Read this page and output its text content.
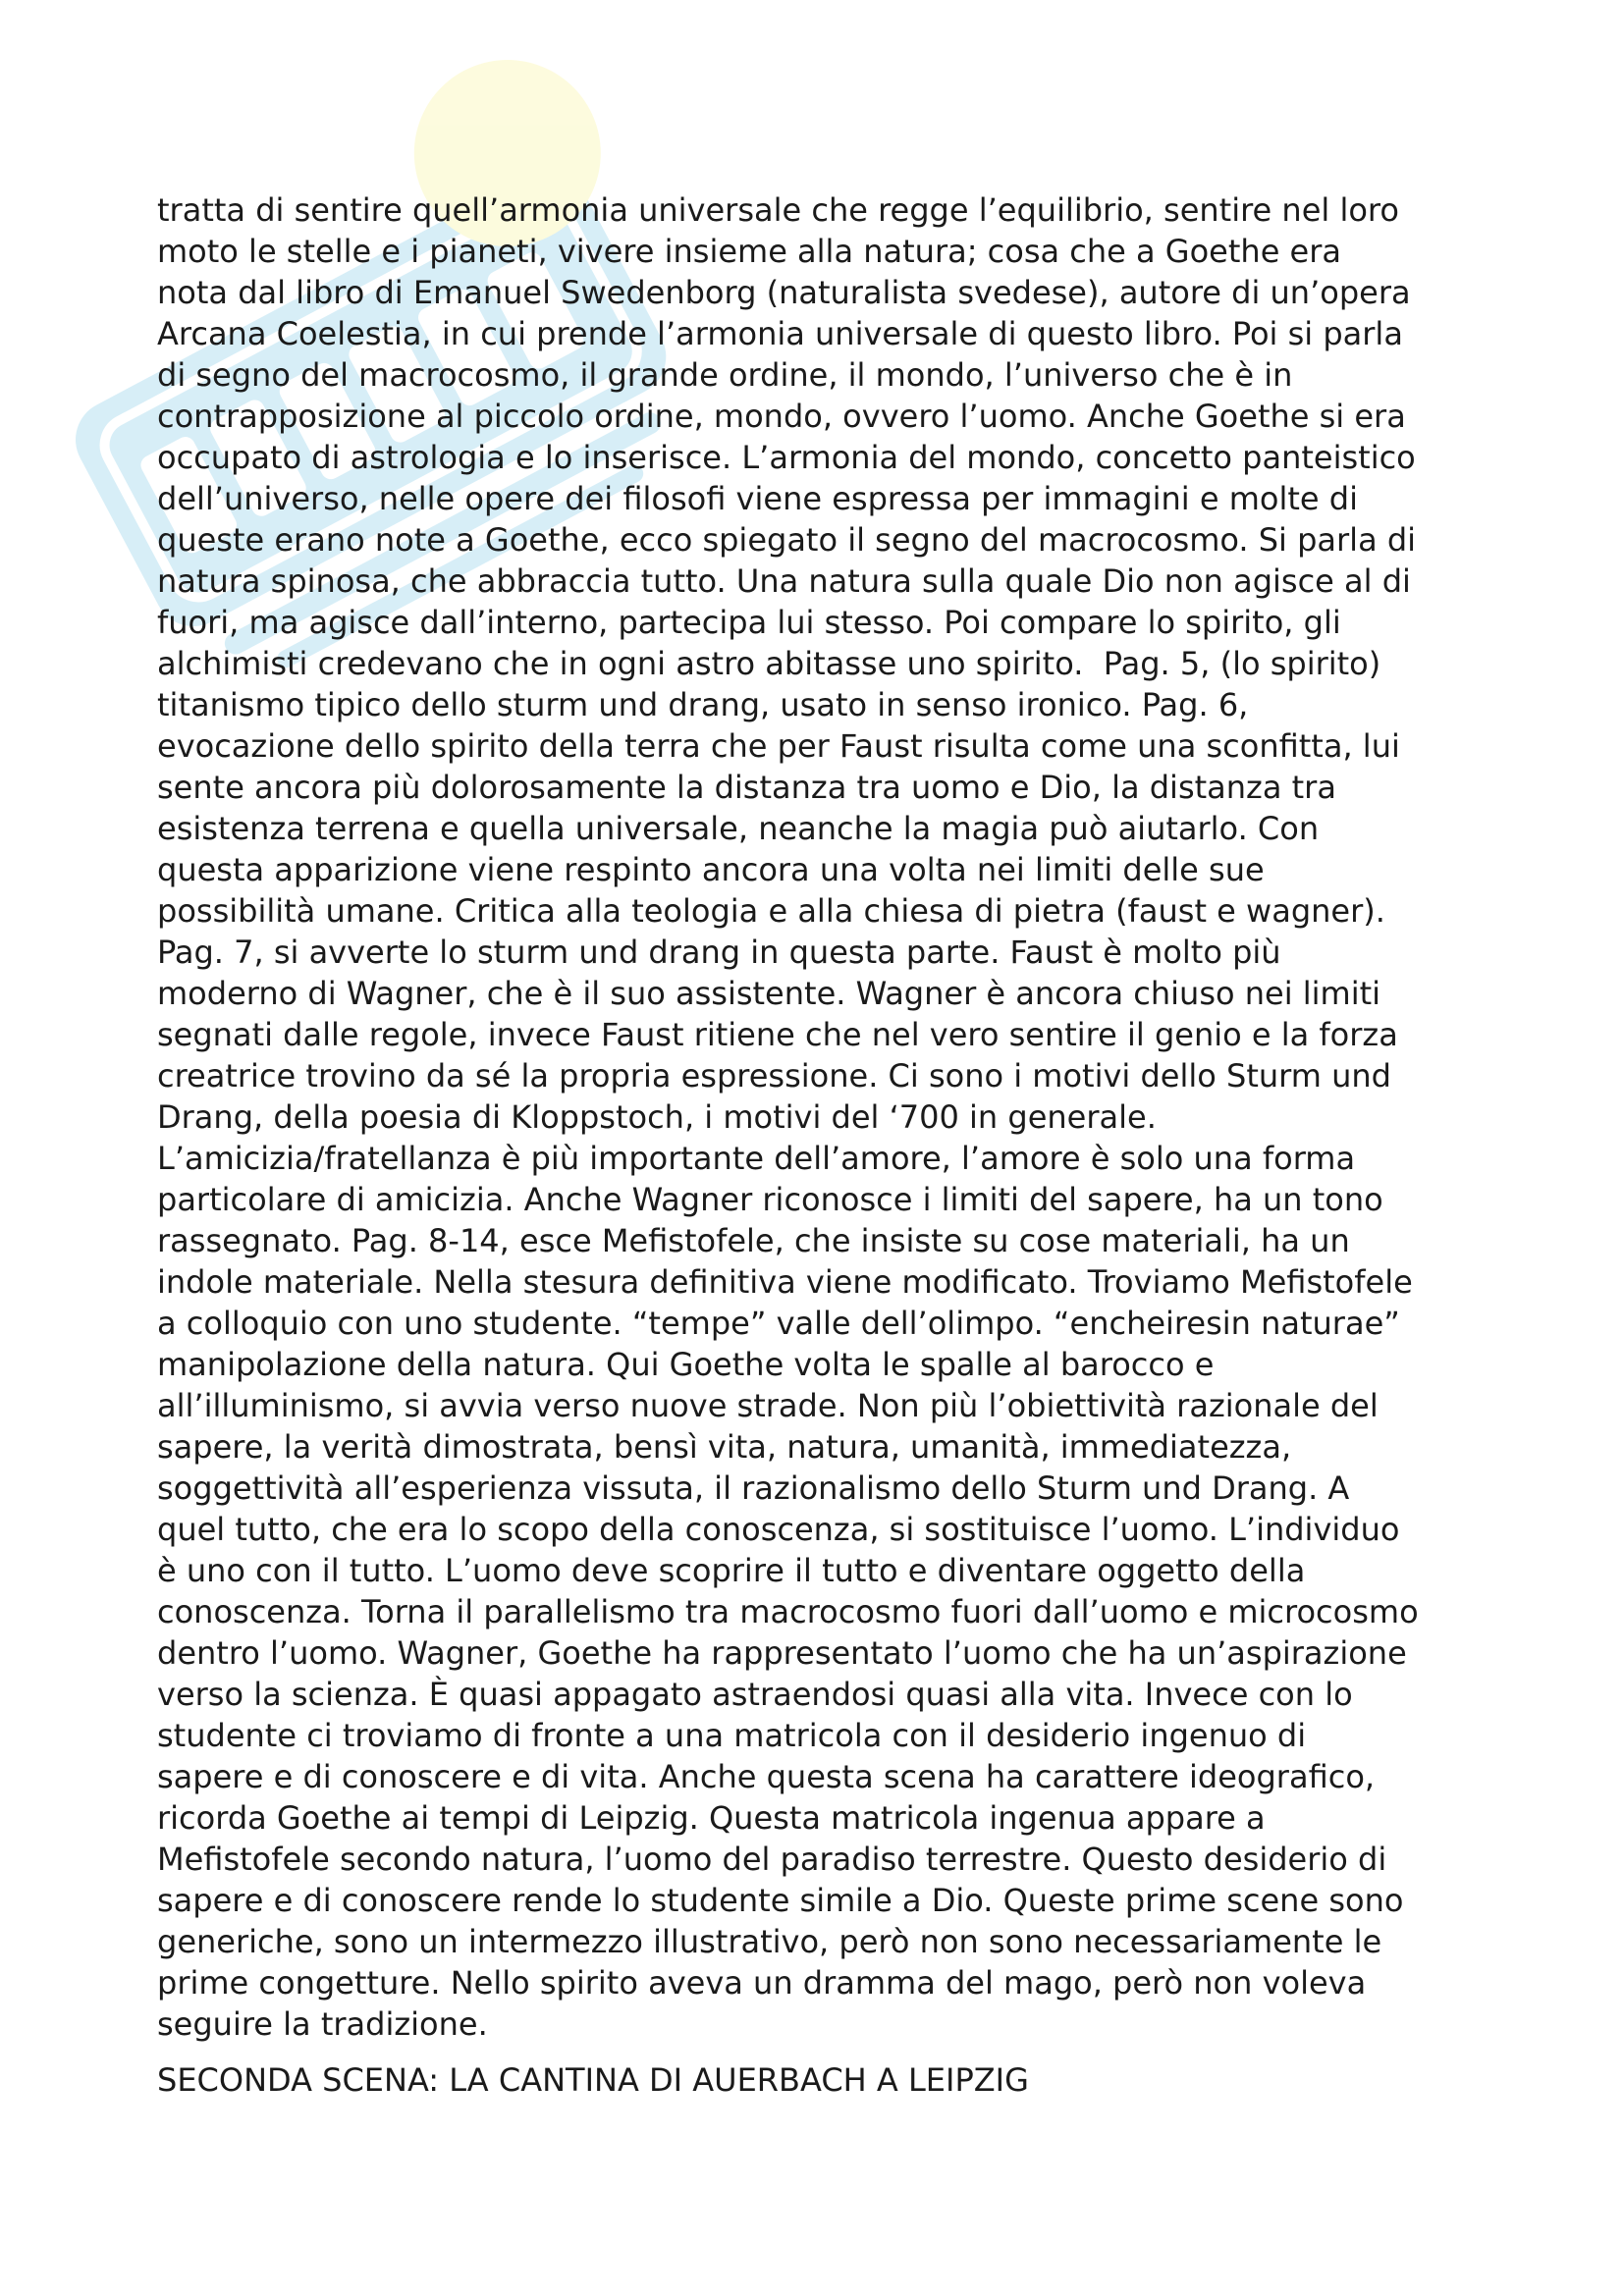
tratta di sentire quell’armonia universale che regge l’equilibrio, sentire nel loro
moto le stelle e i pianeti, vivere insieme alla natura; cosa che a Goethe era
nota dal libro di Emanuel Swedenborg (naturalista svedese), autore di un’opera
Arcana Coelestia, in cui prende l’armonia universale di questo libro. Poi si parla
di segno del macrocosmo, il grande ordine, il mondo, l’universo che è in
contrapposizione al piccolo ordine, mondo, ovvero l’uomo. Anche Goethe si era
occupato di astrologia e lo inserisce. L’armonia del mondo, concetto panteistico
dell’universo, nelle opere dei filosofi viene espressa per immagini e molte di
queste erano note a Goethe, ecco spiegato il segno del macrocosmo. Si parla di
natura spinosa, che abbraccia tutto. Una natura sulla quale Dio non agisce al di
fuori, ma agisce dall’interno, partecipa lui stesso. Poi compare lo spirito, gli
alchimisti credevano che in ogni astro abitasse uno spirito.  Pag. 5, (lo spirito)
titanismo tipico dello sturm und drang, usato in senso ironico. Pag. 6,
evocazione dello spirito della terra che per Faust risulta come una sconfitta, lui
sente ancora più dolorosamente la distanza tra uomo e Dio, la distanza tra
esistenza terrena e quella universale, neanche la magia può aiutarlo. Con
questa apparizione viene respinto ancora una volta nei limiti delle sue
possibilità umane. Critica alla teologia e alla chiesa di pietra (faust e wagner).
Pag. 7, si avverte lo sturm und drang in questa parte. Faust è molto più
moderno di Wagner, che è il suo assistente. Wagner è ancora chiuso nei limiti
segnati dalle regole, invece Faust ritiene che nel vero sentire il genio e la forza
creatrice trovino da sé la propria espressione. Ci sono i motivi dello Sturm und
Drang, della poesia di Kloppstoch, i motivi del ‘700 in generale.
L’amicizia/fratellanza è più importante dell’amore, l’amore è solo una forma
particolare di amicizia. Anche Wagner riconosce i limiti del sapere, ha un tono
rassegnato. Pag. 8-14, esce Mefistofele, che insiste su cose materiali, ha un
indole materiale. Nella stesura definitiva viene modificato. Troviamo Mefistofele
a colloquio con uno studente. “tempe” valle dell’olimpo. “encheiresin naturae”
manipolazione della natura. Qui Goethe volta le spalle al barocco e
all’illuminismo, si avvia verso nuove strade. Non più l’obiettività razionale del
sapere, la verità dimostrata, bensì vita, natura, umanità, immediatezza,
soggettività all’esperienza vissuta, il razionalismo dello Sturm und Drang. A
quel tutto, che era lo scopo della conoscenza, si sostituisce l’uomo. L’individuo
è uno con il tutto. L’uomo deve scoprire il tutto e diventare oggetto della
conoscenza. Torna il parallelismo tra macrocosmo fuori dall’uomo e microcosmo
dentro l’uomo. Wagner, Goethe ha rappresentato l’uomo che ha un’aspirazione
verso la scienza. È quasi appagato astraendosi quasi alla vita. Invece con lo
studente ci troviamo di fronte a una matricola con il desiderio ingenuo di
sapere e di conoscere e di vita. Anche questa scena ha carattere ideografico,
ricorda Goethe ai tempi di Leipzig. Questa matricola ingenua appare a
Mefistofele secondo natura, l’uomo del paradiso terrestre. Questo desiderio di
sapere e di conoscere rende lo studente simile a Dio. Queste prime scene sono
generiche, sono un intermezzo illustrativo, però non sono necessariamente le
prime congetture. Nello spirito aveva un dramma del mago, però non voleva
seguire la tradizione.

SECONDA SCENA: LA CANTINA DI AUERBACH A LEIPZIG
